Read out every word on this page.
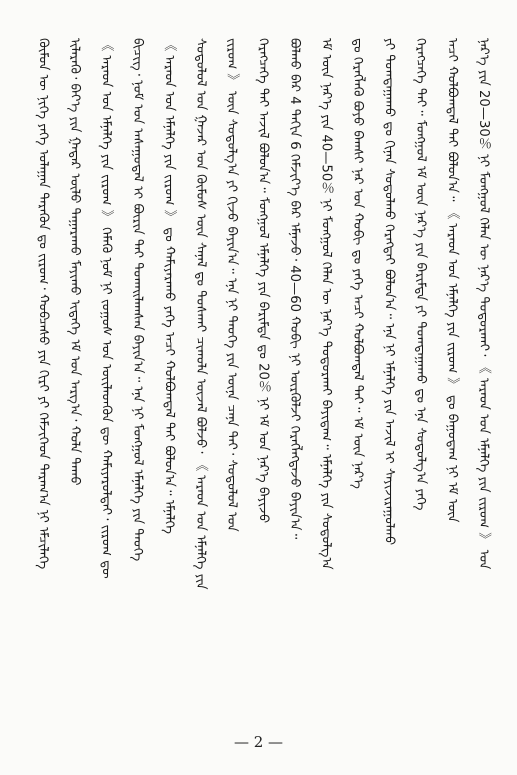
ᠬᠦᠮᠦᠨ ᠦ ᠨᠢᠭᠡ ᠶᠡᠬᠡ ᠤᠯᠠᠭᠠᠨ ᠲᠡᠷᠡᠭᠦᠨ ᠳᠤ ᠵᠢᠷᠤᠭ᠂ ᠬᠤᠪᠴᠠᠰᠤ ᠶᠢᠨ ᠬᠢᠷᠢ ᠶᠢ ᠬᠡᠮᠵᠢᠭᠡᠳ ᠳᠠᠷᠠᠭ᠎ᠠ ᠨᠢ ᠡᠮᠴᠢᠯᠡᠭᠡ ᠢᠯᠡᠷᠡᠬᠦ᠂ ᠪᠡᠶ᠎ᠡ ᠶᠢᠨ ᠭᠠᠳᠠᠷ ᠦᠯᠦ ᠲᠠᠭᠠᠷᠠᠬᠤ ᠮᠠᠶᠢᠬᠤ ᠢᠳᠡᠭᠡ ᠡᠮ ᠤᠨ ᠠᠷᠭ᠎ᠠ᠂ ᠬᠤᠯᠠ ᠳᠠᠬᠤ 《 ᠠᠷᠠᠳ ᠤᠨ ᠡᠮᠨᠡᠯᠭᠡ ᠶᠢᠨ ᠵᠢᠷᠤᠭ 》 ᠬᠡᠮᠡᠬᠦ ᠨᠣᠮ ᠨᠢ ᠵᠤᠭᠤᠰ ᠤᠨ ᠦᠢᠯᠡᠳᠬᠦᠨ ᠳᠦ ᠬᠠᠮᠢᠶᠠᠷᠤᠯᠲᠠᠢ᠂ ᠵᠢᠷᠤᠭ ᠳᠦ ᠪᠢᠴᠢᠭ᠂ ᠨᠤᠮ ᠤᠨ ᠠᠰᠠᠭᠤᠳᠠᠯ ᠢ ᠪᠦᠷᠢᠨ ᠲᠠᠢ ᠲᠤᠬᠠᠢᠯᠠᠭᠰᠠᠨ ᠪᠠᠶᠢᠨ᠎ᠠ᠃ ᠡᠨᠡ ᠨᠢ ᠮᠣᠩᠭᠣᠯ ᠡᠮᠨᠡᠯᠭᠡ ᠶᠢᠨ ᠲᠡᠦᠬᠡ 《 ᠠᠷᠠᠳ ᠤᠨ ᠡᠮᠨᠡᠯᠭᠡ ᠶᠢᠨ ᠵᠢᠷᠤᠭ 》 ᠳᠤ ᠬᠠᠮᠢᠶᠠᠷᠠᠬᠤ ᠶᠡᠬᠡ ᠠᠴᠢ ᠬᠣᠯᠪᠣᠭᠳᠠᠯ ᠲᠠᠢ ᠪᠣᠯᠤᠨ᠎ᠠ᠃ ᠡᠮᠨᠡᠯᠭᠡ ᠰᠤᠳᠤᠯᠤᠯ ᠤᠨ ᠭᠠᠵᠠᠷ ᠤᠨ ᠬᠦᠮᠦᠰ ᠦᠨ ᠰᠠᠨᠠᠯ ᠳᠤ ᠲᠤᠰᠬᠠᠶ ᠴᠢᠬᠤᠯᠠ ᠦᠵᠡᠯ ᠪᠣᠯᠵᠤ᠂ 《 ᠠᠷᠠᠳ ᠤᠨ ᠡᠮᠨᠡᠯᠭᠡ ᠶᠢᠨ ᠵᠢᠷᠤᠭ 》 ᠦᠨ ᠰᠤᠳᠤᠯᠭ᠎ᠠ ᠶᠢ ᠬᠢᠵᠦ ᠪᠠᠶᠢᠨ᠎ᠠ᠃ ᠡᠨᠡ ᠨᠢ ᠲᠡᠦᠬᠡ ᠶᠢᠨ ᠦᠨᠡ ᠴᠡᠨᠡ ᠲᠠᠢ᠂ ᠰᠤᠳᠤᠯᠤᠯ ᠤᠨ ᠬᠡᠷᠡᠭᠴᠡᠭᠡ ᠲᠠᠢ ᠠᠵᠢᠯ ᠪᠣᠯᠤᠨ᠎ᠠ᠃ ᠮᠣᠩᠭᠣᠯ ᠡᠮᠨᠡᠯᠭᠡ ᠶᠢᠨ ᠪᠠᠷᠢᠮᠲᠠ ᠳᠤ 20％ ᠨᠢ ᠡᠮ ᠤᠨ ᠨᠡᠷ᠎ᠡ ᠪᠠᠶᠢᠵᠤ ᠪᠣᠯᠬᠤ ᠪᠡᠷ 4 ᠳᠠᠬᠢᠨ 6 ᠬᠡᠮᠵᠢᠶ᠎ᠡ ᠪᠠᠷ ᠡᠮᠨᠡᠵᠦ᠂ 40—60 ᠬᠤᠪᠢ ᠨᠢ ᠦᠷᠭᠦᠯᠵᠢ ᠬᠡᠷᠡᠭᠯᠡᠭᠳᠡᠵᠦ ᠪᠠᠶᠢᠨ᠎ᠠ᠃ ᠡᠮ ᠦᠨ ᠨᠡᠷ᠎ᠡ ᠶᠢᠨ 40—50％ ᠨᠢ ᠮᠣᠩᠭᠣᠯ ᠬᠡᠯᠡᠨ ᠦ ᠨᠡᠷ᠎ᠡ ᠲᠣᠳᠣᠷᠬᠠᠶ ᠪᠠᠶᠢᠳᠠᠭ᠃ ᠡᠮᠨᠡᠯᠭᠡ ᠶᠢᠨ ᠰᠤᠳᠤᠯᠭ᠎ᠠ ᠳᠤ ᠬᠡᠷᠡᠭᠯᠡᠬᠦ ᠪᠤᠶᠤ ᠪᠠᠭᠰᠢ ᠨᠠᠷ ᠤᠨ ᠬᠤᠪᠢ ᠳᠤ ᠶᠡᠬᠡ ᠠᠴᠢ ᠬᠣᠯᠪᠣᠭᠳᠠᠯ ᠲᠠᠢ᠃ ᠡᠮ ᠦᠨ ᠨᠡᠷ᠎ᠡ ᠶᠢ ᠲᠣᠭᠲᠠᠭᠠᠬᠤ ᠳᠤ ᠬᠢᠨᠠᠨ ᠰᠤᠳᠤᠯᠬᠤ ᠬᠡᠷᠡᠭᠲᠡᠢ ᠪᠣᠯᠤᠨ᠎ᠠ᠃ ᠡᠨᠡ ᠨᠢ ᠡᠮᠨᠡᠯᠭᠡ ᠶᠢᠨ ᠠᠵᠢᠯ ᠢ ᠰᠠᠶᠢᠵᠢᠷᠠᠭᠤᠯᠬᠤ ᠬᠡᠷᠡᠭᠴᠡᠭᠡ ᠲᠠᠢ᠃ ᠮᠣᠩᠭᠣᠯ ᠡᠮ ᠦᠨ ᠨᠡᠷ᠎ᠡ ᠶᠢᠨ ᠪᠠᠷᠢᠮᠲᠠ ᠶᠢ ᠲᠣᠭᠲᠠᠭᠠᠬᠤ ᠳᠤ ᠡᠨᠡ ᠰᠤᠳᠤᠯᠭ᠎ᠠ ᠶᠡᠬᠡ ᠠᠴᠢ ᠬᠣᠯᠪᠣᠭᠳᠠᠯ ᠲᠠᠢ ᠪᠣᠯᠤᠨ᠎ᠠ᠃ 《 ᠠᠷᠠᠳ ᠤᠨ ᠡᠮᠨᠡᠯᠭᠡ ᠶᠢᠨ ᠵᠢᠷᠤᠭ 》 ᠳᠤ ᠪᠠᠭᠤᠳᠠᠭ ᠨᠢ ᠡᠮ ᠦᠨ ᠨᠡᠷ᠎ᠡ ᠶᠢᠨ 20—30％ ᠨᠢ ᠮᠣᠩᠭᠣᠯ ᠬᠡᠯᠡᠨ ᠦ ᠨᠡᠷ᠎ᠡ ᠲᠣᠳᠣᠷᠬᠠᠶ᠂ 《 ᠠᠷᠠᠳ ᠤᠨ ᠡᠮᠨᠡᠯᠭᠡ ᠶᠢᠨ ᠵᠢᠷᠤᠭ 》 ᠤᠨ
— 2 —
